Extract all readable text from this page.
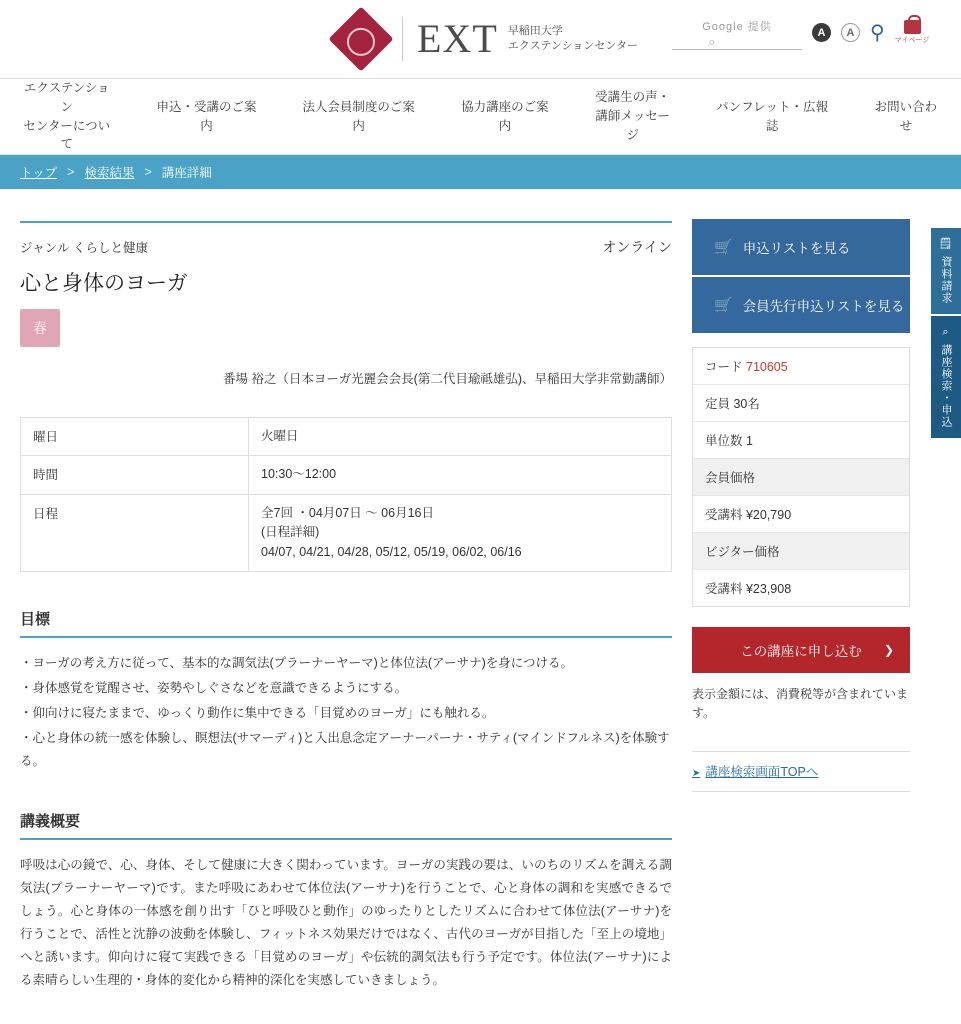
EXT 早稲田大学
エクステンションセンター
Google 提供
⌕
A	A ⚲ マイページ
エクステンション
センターについて
申込・受講のご案内
法人会員制度のご案内
協力講座のご案内
受講生の声・
講師メッセージ
パンフレット・広報誌
お問い合わせ
トップ > 検索結果 > 講座詳細
ジャンル くらしと健康	オンライン
心と身体のヨーガ
春
番場 裕之（日本ヨーガ光麗会会長(第二代目瑜祗雄弘)、早稲田大学非常勤講師）
曜日	火曜日
時間	10:30〜12:00
日程	全7回 ・04月07日 〜 06月16日
(日程詳細)
04/07, 04/21, 04/28, 05/12, 05/19, 06/02, 06/16
目標

・ヨーガの考え方に従って、基本的な調気法(プラーナーヤーマ)と体位法(アーサナ)を身につける。

・身体感覚を覚醒させ、姿勢やしぐさなどを意識できるようにする。

・仰向けに寝たままで、ゆっくり動作に集中できる「目覚めのヨーガ」にも触れる。

・心と身体の統一感を体験し、瞑想法(サマーディ)と入出息念定アーナーパーナ・サティ(マインドフルネス)を体験する。

講義概要
呼吸は心の鏡で、心、身体、そして健康に大きく関わっています。ヨーガの実践の要は、いのちのリズムを調える調気法(プラーナーヤーマ)です。また呼吸にあわせて体位法(アーサナ)を行うことで、心と身体の調和を実感できるでしょう。心と身体の一体感を創り出す「ひと呼吸ひと動作」のゆったりとしたリズムに合わせて体位法(アーサナ)を行うことで、活性と沈静の波動を体験し、フィットネス効果だけではなく、古代のヨーガが目指した「至上の境地」へと誘います。仰向けに寝て実践できる「目覚めのヨーガ」や伝統的調気法も行う予定です。体位法(アーサナ)による素晴らしい生理的・身体的変化から精神的深化を実感していきましょう。
🛒 申込リストを見る
🛒 会員先行申込リストを見る
コード 710605
定員 30名
単位数 1
会員価格
受講料 ¥20,790
ビジター価格
受講料 ¥23,908
この講座に申し込む ❯
表示金額には、消費税等が含まれています。
➤ 講座検索画面TOPへ
🗒
資料請求
⌕
講座検索・申込
